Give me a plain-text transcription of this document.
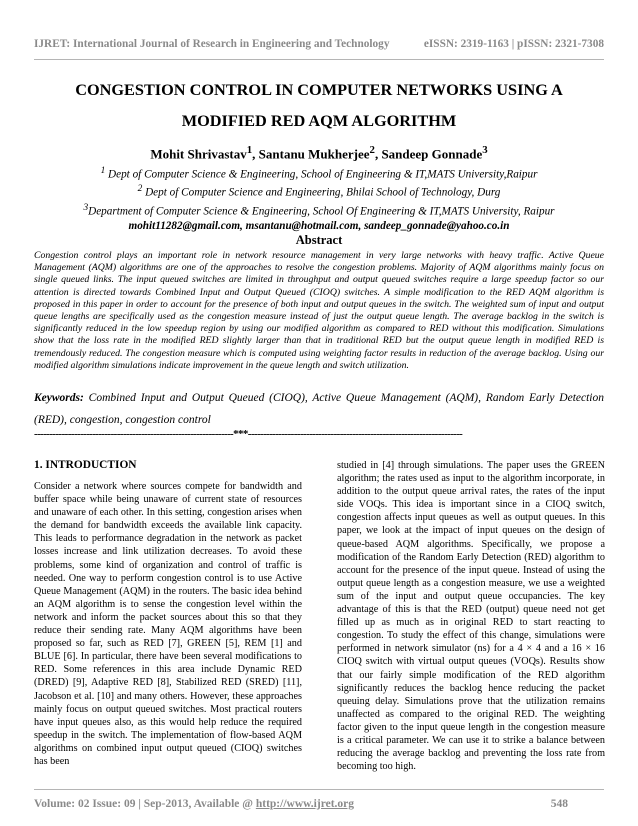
IJRET: International Journal of Research in Engineering and Technology	eISSN: 2319-1163 | pISSN: 2321-7308
CONGESTION CONTROL IN COMPUTER NETWORKS USING A
MODIFIED RED AQM ALGORITHM
Mohit Shrivastav$^1$, Santanu Mukherjee$^2$, Sandeep Gonnade$^3$
$^1$ Dept of Computer Science & Engineering, School of Engineering & IT,MATS University,Raipur
$^2$ Dept of Computer Science and Engineering, Bhilai School of Technology, Durg
$^3$Department of Computer Science & Engineering, School Of Engineering & IT,MATS University, Raipur
mohit11282@gmail.com, msantanu@hotmail.com, sandeep_gonnade@yahoo.co.in
Abstract
Congestion control plays an important role in network resource management in very large networks with heavy traffic. Active Queue Management (AQM) algorithms are one of the approaches to resolve the congestion problems. Majority of AQM algorithms mainly focus on single queued links. The input queued switches are limited in throughput and output queued switches require a large speedup factor so our attention is directed towards Combined Input and Output Queued (CIOQ) switches. A simple modification to the RED AQM algorithm is proposed in this paper in order to account for the presence of both input and output queues in the switch. The weighted sum of input and output queue lengths are specifically used as the congestion measure instead of just the output queue length. The average backlog in the switch is significantly reduced in the low speedup region by using our modified algorithm as compared to RED without this modification. Simulations show that the loss rate in the modified RED slightly larger than that in traditional RED but the output queue length in modified RED is tremendously reduced. The congestion measure which is computed using weighting factor results in reduction of the average backlog. Using our modified algorithm simulations indicate improvement in the queue length and switch utilization.
Keywords: Combined Input and Output Queued (CIOQ), Active Queue Management (AQM), Random Early Detection (RED), congestion, congestion control
-----------------------------------------------------------------***----------------------------------------------------------------------
1. INTRODUCTION

Consider a network where sources compete for bandwidth and buffer space while being unaware of current state of resources and unaware of each other. In this setting, congestion arises when the demand for bandwidth exceeds the available link capacity. This leads to performance degradation in the network as packet losses increase and link utilization decreases. To avoid these problems, some kind of organization and control of traffic is needed. One way to perform congestion control is to use Active Queue Management (AQM) in the routers. The basic idea behind an AQM algorithm is to sense the congestion level within the network and inform the packet sources about this so that they reduce their sending rate. Many AQM algorithms have been proposed so far, such as RED [7], GREEN [5], REM [1] and BLUE [6]. In particular, there have been several modifications to RED. Some references in this area include Dynamic RED (DRED) [9], Adaptive RED [8], Stabilized RED (SRED) [11], Jacobson et al. [10] and many others. However, these approaches mainly focus on output queued switches. Most practical routers have input queues also, as this would help reduce the required speedup in the switch. The implementation of flow-based AQM algorithms on combined input output queued (CIOQ) switches has been

studied in [4] through simulations. The paper uses the GREEN algorithm; the rates used as input to the algorithm incorporate, in addition to the output queue arrival rates, the rates of the input side VOQs. This idea is important since in a CIOQ switch, congestion affects input queues as well as output queues. In this paper, we look at the impact of input queues on the design of queue-based AQM algorithms. Specifically, we propose a modification of the Random Early Detection (RED) algorithm to account for the presence of the input queue. Instead of using the output queue length as a congestion measure, we use a weighted sum of the input and output queue occupancies. The key advantage of this is that the RED (output) queue need not get filled up as much as in original RED to start reacting to congestion. To study the effect of this change, simulations were performed in network simulator (ns) for a 4 × 4 and a 16 × 16 CIOQ switch with virtual output queues (VOQs). Results show that our fairly simple modification of the RED algorithm significantly reduces the backlog hence reducing the packet queuing delay. Simulations prove that the utilization remains unaffected as compared to the original RED. The weighting factor given to the input queue length in the congestion measure is a critical parameter. We can use it to strike a balance between reducing the average backlog and preventing the loss rate from becoming too high.

Volume: 02 Issue: 09 | Sep-2013, Available @ http://www.ijret.org	548
